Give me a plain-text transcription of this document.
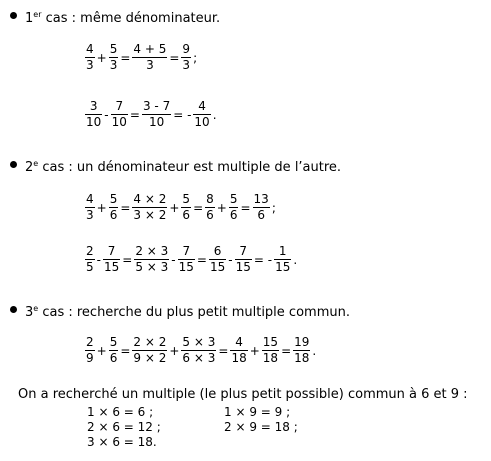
1er cas : même dénominateur.
$\frac{4}{3} + \frac{5}{3} = \frac{4 + 5}{3} = \frac{9}{3}$ ;
$\frac{3}{10} - \frac{7}{10} = \frac{3 - 7}{10}$ = - $\frac{4}{10}$ .
2e cas : un dénominateur est multiple de l’autre.
$\frac{4}{3} + \frac{5}{6} = \frac{4 \times 2}{3 \times 2} + \frac{5}{6} = \frac{8}{6} + \frac{5}{6} = \frac{13}{6}$ ;
$\frac{2}{5} - \frac{7}{15} = \frac{2 \times 3}{5 \times 3} - \frac{7}{15} = \frac{6}{15} - \frac{7}{15}$ = - $\frac{1}{15}$ .
3e cas : recherche du plus petit multiple commun.
$\frac{2}{9} + \frac{5}{6} = \frac{2 \times 2}{9 \times 2} + \frac{5 \times 3}{6 \times 3} = \frac{4}{18} + \frac{15}{18} = \frac{19}{18}$ .
On a recherché un multiple (le plus petit possible) commun à 6 et 9 :
1 × 6 = 6 ;
2 × 6 = 12 ;
3 × 6 = 18.
1 × 9 = 9 ;
2 × 9 = 18 ;
